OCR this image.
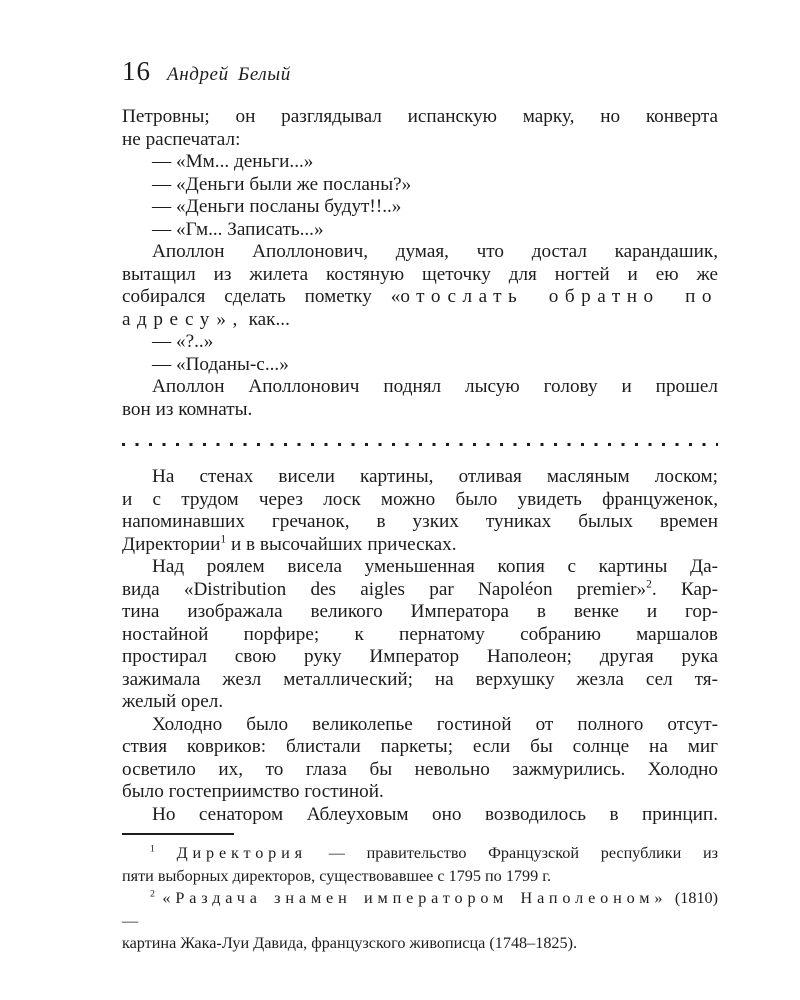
16 Андрей Белый
Петровны; он разглядывал испанскую марку, но конверта
не распечатал:
— «Мм... деньги...»
— «Деньги были же посланы?»
— «Деньги посланы будут!!..»
— «Гм... Записать...»
Аполлон Аполлонович, думая, что достал карандашик,
вытащил из жилета костяную щеточку для ногтей и ею же
собирался сделать пометку «отослать обратно по
адресу», как...
— «?..»
— «Поданы-с...»
Аполлон Аполлонович поднял лысую голову и прошел
вон из комнаты.
На стенах висели картины, отливая масляным лоском;
и с трудом через лоск можно было увидеть француженок,
напоминавших гречанок, в узких туниках былых времен
Директории$^1$ и в высочайших прическах.
Над роялем висела уменьшенная копия с картины Да-
вида «Distribution des aigles par Napoléon premier»$^2$. Кар-
тина изображала великого Императора в венке и гор-
ностайной порфире; к пернатому собранию маршалов
простирал свою руку Император Наполеон; другая рука
зажимала жезл металлический; на верхушку жезла сел тя-
желый орел.
Холодно было великолепье гостиной от полного отсут-
ствия ковриков: блистали паркеты; если бы солнце на миг
осветило их, то глаза бы невольно зажмурились. Холодно
было гостеприимство гостиной.
Но сенатором Аблеуховым оно возводилось в принцип.
$^1$ Директория — правительство Французской республики из
пяти выборных директоров, существовавшее с 1795 по 1799 г.
$^2$ «Раздача знамен императором Наполеоном» (1810) —
картина Жака-Луи Давида, французского живописца (1748–1825).
